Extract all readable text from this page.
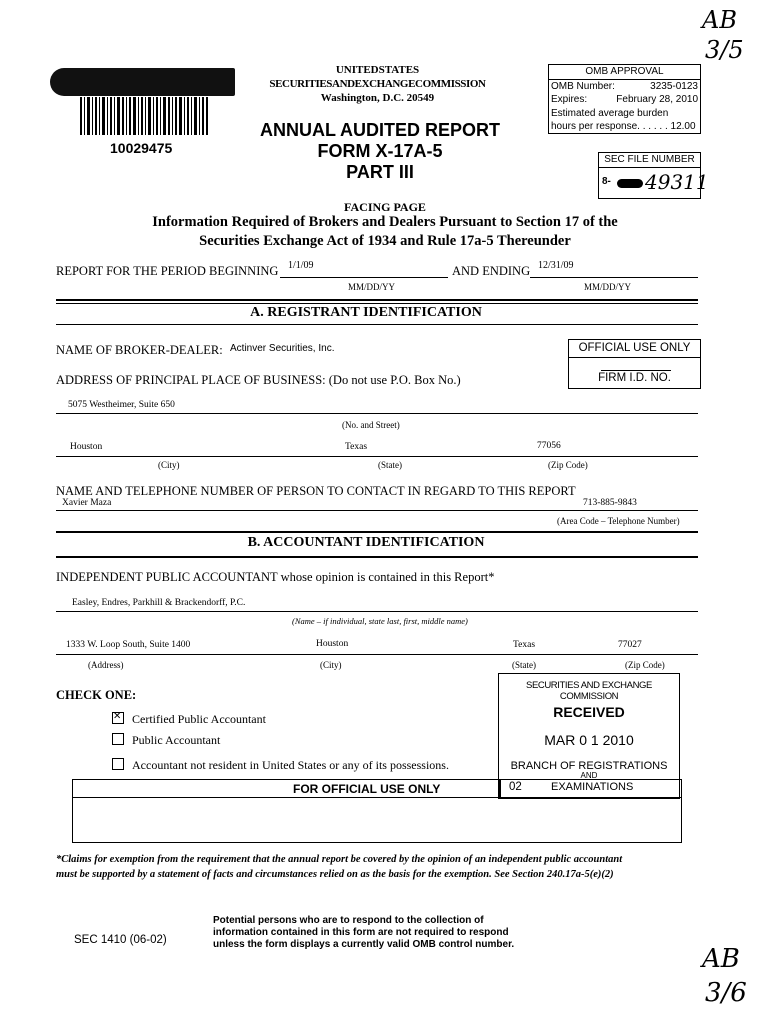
10029475
AB
3/5
AB
3/6
UNITEDSTATES
SECURITIESANDEXCHANGECOMMISSION
Washington, D.C. 20549
ANNUAL AUDITED REPORT
FORM X-17A-5
PART III
OMB APPROVAL
OMB Number:	3235-0123
Expires:	February 28, 2010
Estimated average burden
hours per response. . . . . . 12.00
SEC FILE NUMBER
8- 49311
FACING PAGE
Information Required of Brokers and Dealers Pursuant to Section 17 of the
Securities Exchange Act of 1934 and Rule 17a-5 Thereunder
REPORT FOR THE PERIOD BEGINNING 1/1/09	AND ENDING 12/31/09
MM/DD/YY	MM/DD/YY
A. REGISTRANT IDENTIFICATION
NAME OF BROKER-DEALER: Actinver Securities, Inc.	OFFICIAL USE ONLY
FIRM I.D. NO.
ADDRESS OF PRINCIPAL PLACE OF BUSINESS: (Do not use P.O. Box No.)
5075 Westheimer, Suite 650
(No. and Street)
Houston	Texas	77056
(City)	(State)	(Zip Code)
NAME AND TELEPHONE NUMBER OF PERSON TO CONTACT IN REGARD TO THIS REPORT
Xavier Maza	713-885-9843
(Area Code – Telephone Number)
B. ACCOUNTANT IDENTIFICATION
INDEPENDENT PUBLIC ACCOUNTANT whose opinion is contained in this Report*
Easley, Endres, Parkhill & Brackendorff, P.C.
(Name – if individual, state last, first, middle name)
1333 W. Loop South, Suite 1400	Houston	Texas	77027
(Address)	(City)	(State)	(Zip Code)
CHECK ONE:
✕Certified Public Accountant
Public Accountant
Accountant not resident in United States or any of its possessions.
SECURITIES AND EXCHANGE COMMISSION
RECEIVED
MAR 0 1 2010
BRANCH OF REGISTRATIONS
AND
FOR OFFICIAL USE ONLY	02	EXAMINATIONS
*Claims for exemption from the requirement that the annual report be covered by the opinion of an independent public accountant
must be supported by a statement of facts and circumstances relied on as the basis for the exemption. See Section 240.17a-5(e)(2)
SEC 1410 (06-02)
Potential persons who are to respond to the collection of
information contained in this form are not required to respond
unless the form displays a currently valid OMB control number.
